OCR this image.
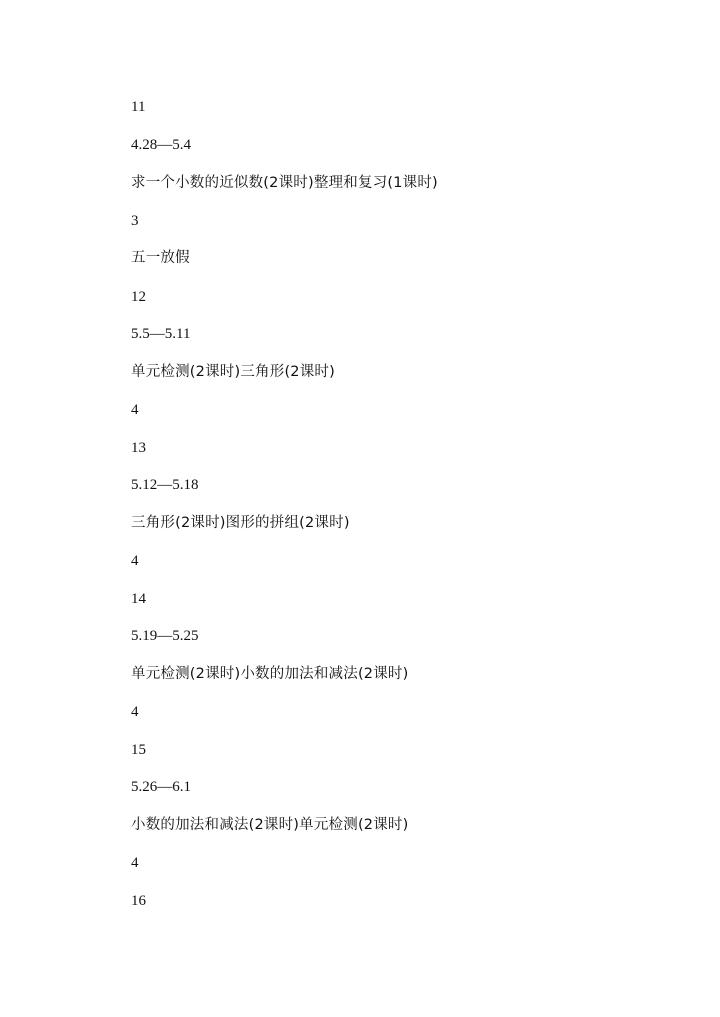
11
4.28—5.4
求一个小数的近似数(2课时)整理和复习(1课时)
3
五一放假
12
5.5—5.11
单元检测(2课时)三角形(2课时)
4
13
5.12—5.18
三角形(2课时)图形的拼组(2课时)
4
14
5.19—5.25
单元检测(2课时)小数的加法和减法(2课时)
4
15
5.26—6.1
小数的加法和减法(2课时)单元检测(2课时)
4
16
